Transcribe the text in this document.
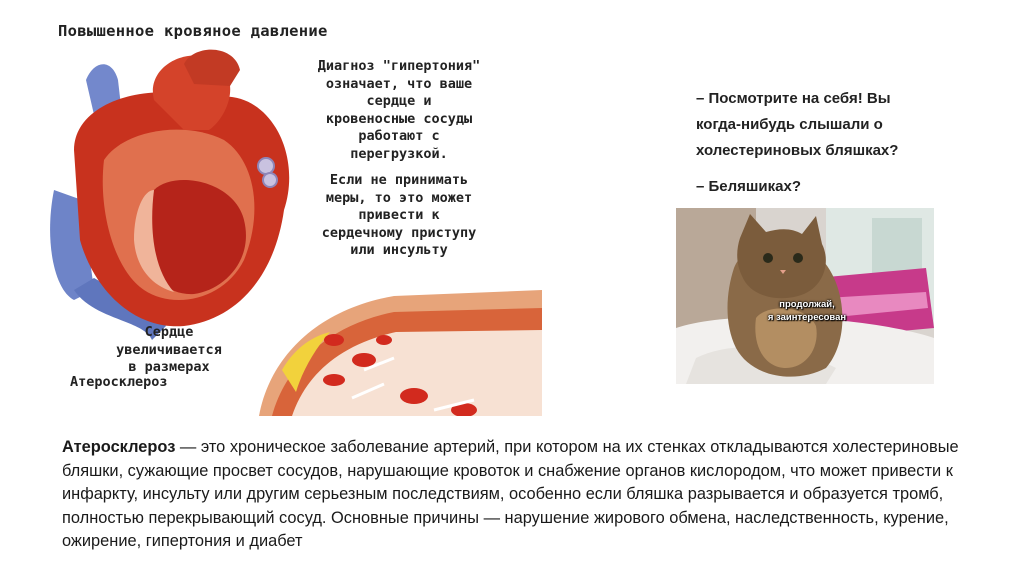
Повышенное кровяное давление
Диагноз "гипертония"
означает, что ваше
сердце и
кровеносные сосуды
работают с
перегрузкой.
Если не принимать
меры, то это может
привести к
сердечному приступу
или инсульту
Сердце
увеличивается
в размерах
Атеросклероз
– Посмотрите на себя! Вы
когда-нибудь слышали о
холестериновых бляшках?
– Беляшиках?
продолжай,
я заинтересован
Атеросклероз — это хроническое заболевание артерий, при котором на их стенках откладываются холестериновые бляшки, сужающие просвет сосудов, нарушающие кровоток и снабжение органов кислородом, что может привести к инфаркту, инсульту или другим серьезным последствиям, особенно если бляшка разрывается и образуется тромб, полностью перекрывающий сосуд. Основные причины — нарушение жирового обмена, наследственность, курение, ожирение, гипертония и диабет
